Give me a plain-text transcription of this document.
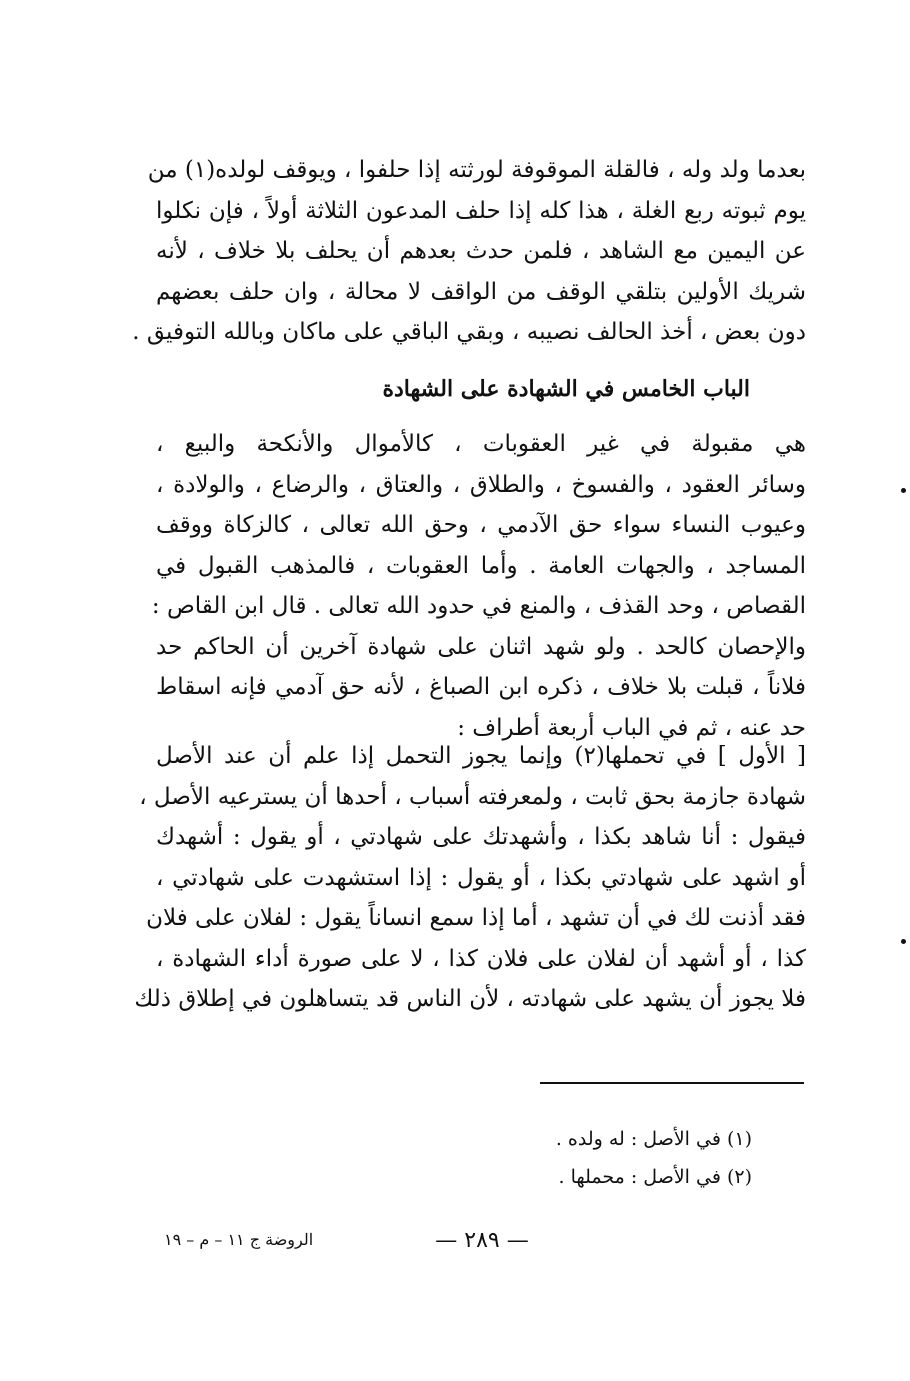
بعدما ولد وله ، فالقلة الموقوفة لورثته إذا حلفوا ، ويوقف لولده(١) من
يوم ثبوته ربع الغلة ، هذا كله إذا حلف المدعون الثلاثة أولاً ، فإن نكلوا
عن اليمين مع الشاهد ، فلمن حدث بعدهم أن يحلف بلا خلاف ، لأنه
شريك الأولين بتلقي الوقف من الواقف لا محالة ، وان حلف بعضهم
دون بعض ، أخذ الحالف نصيبه ، وبقي الباقي على ماكان وبالله التوفيق .
الباب الخامس في الشهادة على الشهادة
هي مقبولة في غير العقوبات ، كالأموال والأنكحة والبيع ،
وسائر العقود ، والفسوخ ، والطلاق ، والعتاق ، والرضاع ، والولادة ،
وعيوب النساء سواء حق الآدمي ، وحق الله تعالى ، كالزكاة ووقف
المساجد ، والجهات العامة . وأما العقوبات ، فالمذهب القبول في
القصاص ، وحد القذف ، والمنع في حدود الله تعالى . قال ابن القاص :
والإحصان كالحد . ولو شهد اثنان على شهادة آخرين أن الحاكم حد
فلاناً ، قبلت بلا خلاف ، ذكره ابن الصباغ ، لأنه حق آدمي فإنه اسقاط
حد عنه ، ثم في الباب أربعة أطراف :
[ الأول ] في تحملها(٢) وإنما يجوز التحمل إذا علم أن عند الأصل
شهادة جازمة بحق ثابت ، ولمعرفته أسباب ، أحدها أن يسترعيه الأصل ،
فيقول : أنا شاهد بكذا ، وأشهدتك على شهادتي ، أو يقول : أشهدك
أو اشهد على شهادتي بكذا ، أو يقول : إذا استشهدت على شهادتي ،
فقد أذنت لك في أن تشهد ، أما إذا سمع انساناً يقول : لفلان على فلان
كذا ، أو أشهد أن لفلان على فلان كذا ، لا على صورة أداء الشهادة ،
فلا يجوز أن يشهد على شهادته ، لأن الناس قد يتساهلون في إطلاق ذلك
(١) في الأصل : له ولده .
(٢) في الأصل : محملها .
— ٢٨٩ —
الروضة ج ١١ – م – ١٩
